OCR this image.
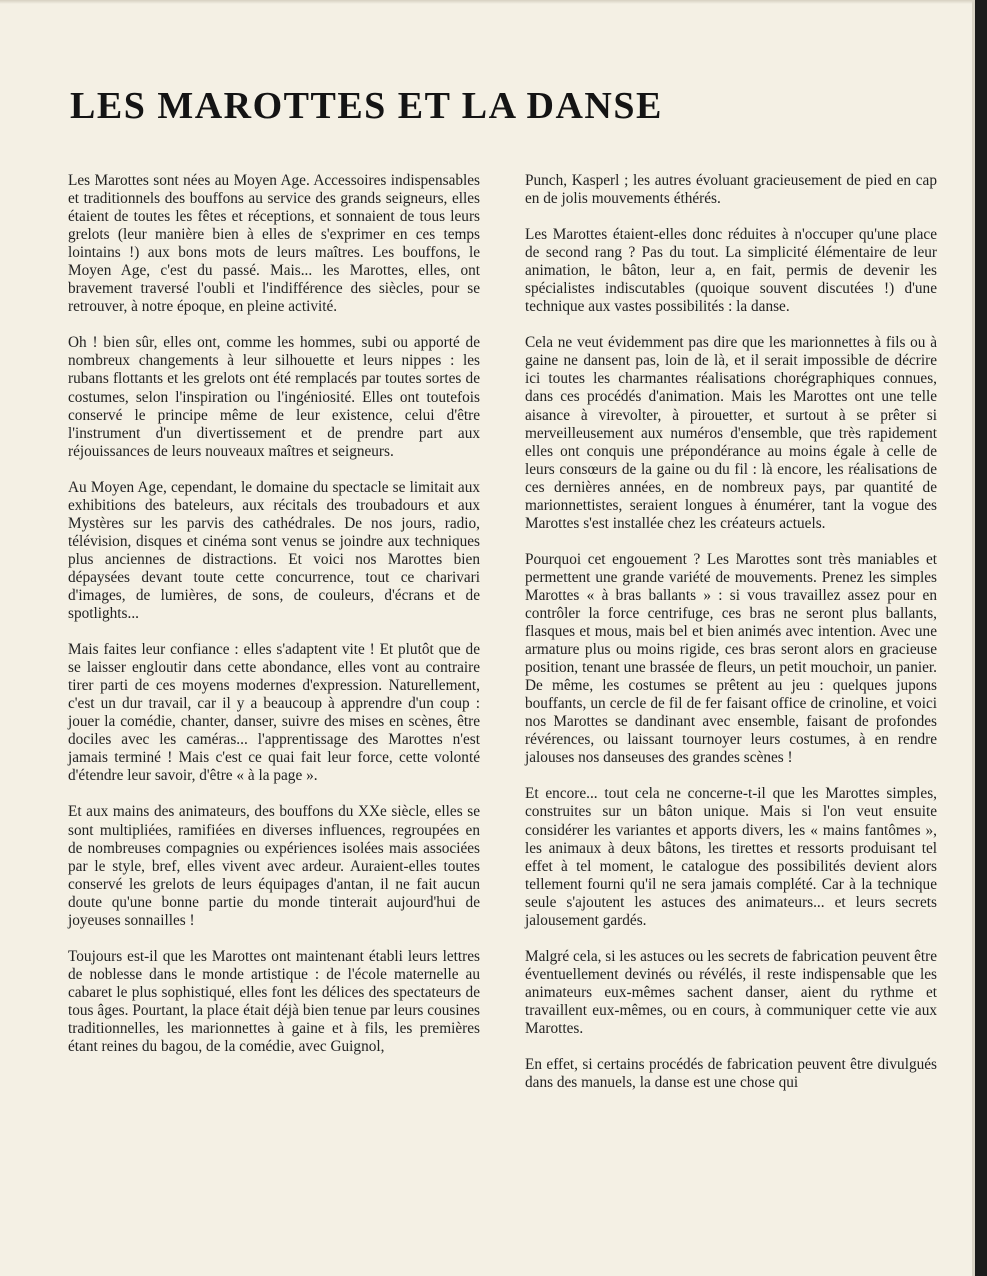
LES MAROTTES ET LA DANSE

Les Marottes sont nées au Moyen Age. Accessoires indispensables et traditionnels des bouffons au service des grands seigneurs, elles étaient de toutes les fêtes et réceptions, et sonnaient de tous leurs grelots (leur manière bien à elles de s'exprimer en ces temps lointains !) aux bons mots de leurs maîtres. Les bouffons, le Moyen Age, c'est du passé. Mais... les Marottes, elles, ont bravement traversé l'oubli et l'indifférence des siècles, pour se retrouver, à notre époque, en pleine activité.

Oh ! bien sûr, elles ont, comme les hommes, subi ou apporté de nombreux changements à leur silhouette et leurs nippes : les rubans flottants et les grelots ont été remplacés par toutes sortes de costumes, selon l'inspiration ou l'ingéniosité. Elles ont toutefois conservé le principe même de leur existence, celui d'être l'instrument d'un divertissement et de prendre part aux réjouissances de leurs nouveaux maîtres et seigneurs.

Au Moyen Age, cependant, le domaine du spectacle se limitait aux exhibitions des bateleurs, aux récitals des troubadours et aux Mystères sur les parvis des cathédrales. De nos jours, radio, télévision, disques et cinéma sont venus se joindre aux techniques plus anciennes de distractions. Et voici nos Marottes bien dépaysées devant toute cette concurrence, tout ce charivari d'images, de lumières, de sons, de couleurs, d'écrans et de spotlights...

Mais faites leur confiance : elles s'adaptent vite ! Et plutôt que de se laisser engloutir dans cette abondance, elles vont au contraire tirer parti de ces moyens modernes d'expression. Naturellement, c'est un dur travail, car il y a beaucoup à apprendre d'un coup : jouer la comédie, chanter, danser, suivre des mises en scènes, être dociles avec les caméras... l'apprentissage des Marottes n'est jamais terminé ! Mais c'est ce quai fait leur force, cette volonté d'étendre leur savoir, d'être « à la page ».

Et aux mains des animateurs, des bouffons du XXe siècle, elles se sont multipliées, ramifiées en diverses influences, regroupées en de nombreuses compagnies ou expériences isolées mais associées par le style, bref, elles vivent avec ardeur. Auraient-elles toutes conservé les grelots de leurs équipages d'antan, il ne fait aucun doute qu'une bonne partie du monde tinterait aujourd'hui de joyeuses sonnailles !

Toujours est-il que les Marottes ont maintenant établi leurs lettres de noblesse dans le monde artistique : de l'école maternelle au cabaret le plus sophistiqué, elles font les délices des spectateurs de tous âges. Pourtant, la place était déjà bien tenue par leurs cousines traditionnelles, les marionnettes à gaine et à fils, les premières étant reines du bagou, de la comédie, avec Guignol,

Punch, Kasperl ; les autres évoluant gracieusement de pied en cap en de jolis mouvements éthérés.

Les Marottes étaient-elles donc réduites à n'occuper qu'une place de second rang ? Pas du tout. La simplicité élémentaire de leur animation, le bâton, leur a, en fait, permis de devenir les spécialistes indiscutables (quoique souvent discutées !) d'une technique aux vastes possibilités : la danse.

Cela ne veut évidemment pas dire que les marionnettes à fils ou à gaine ne dansent pas, loin de là, et il serait impossible de décrire ici toutes les charmantes réalisations chorégraphiques connues, dans ces procédés d'animation. Mais les Marottes ont une telle aisance à virevolter, à pirouetter, et surtout à se prêter si merveilleusement aux numéros d'ensemble, que très rapidement elles ont conquis une prépondérance au moins égale à celle de leurs consœurs de la gaine ou du fil : là encore, les réalisations de ces dernières années, en de nombreux pays, par quantité de marionnettistes, seraient longues à énumérer, tant la vogue des Marottes s'est installée chez les créateurs actuels.

Pourquoi cet engouement ? Les Marottes sont très maniables et permettent une grande variété de mouvements. Prenez les simples Marottes « à bras ballants » : si vous travaillez assez pour en contrôler la force centrifuge, ces bras ne seront plus ballants, flasques et mous, mais bel et bien animés avec intention. Avec une armature plus ou moins rigide, ces bras seront alors en gracieuse position, tenant une brassée de fleurs, un petit mouchoir, un panier. De même, les costumes se prêtent au jeu : quelques jupons bouffants, un cercle de fil de fer faisant office de crinoline, et voici nos Marottes se dandinant avec ensemble, faisant de profondes révérences, ou laissant tournoyer leurs costumes, à en rendre jalouses nos danseuses des grandes scènes !

Et encore... tout cela ne concerne-t-il que les Marottes simples, construites sur un bâton unique. Mais si l'on veut ensuite considérer les variantes et apports divers, les « mains fantômes », les animaux à deux bâtons, les tirettes et ressorts produisant tel effet à tel moment, le catalogue des possibilités devient alors tellement fourni qu'il ne sera jamais complété. Car à la technique seule s'ajoutent les astuces des animateurs... et leurs secrets jalousement gardés.

Malgré cela, si les astuces ou les secrets de fabrication peuvent être éventuellement devinés ou révélés, il reste indispensable que les animateurs eux-mêmes sachent danser, aient du rythme et travaillent eux-mêmes, ou en cours, à communiquer cette vie aux Marottes.

En effet, si certains procédés de fabrication peuvent être divulgués dans des manuels, la danse est une chose qui
